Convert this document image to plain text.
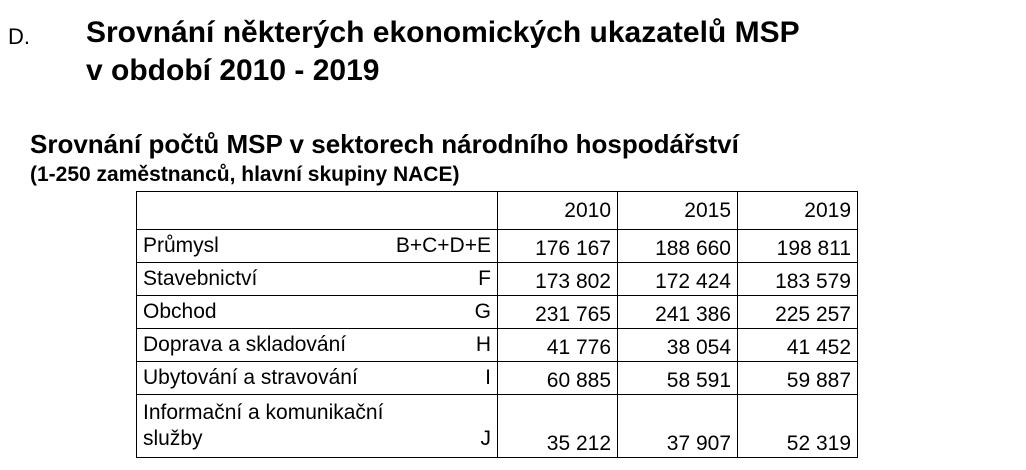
D. Srovnání některých ekonomických ukazatelů MSP
v období 2010 - 2019
Srovnání počtů MSP v sektorech národního hospodářství
(1-250 zaměstnanců, hlavní skupiny NACE)
	2010	2015	2019

Průmysl B+C+D+E	176 167	188 660	198 811

Stavebnictví F	173 802	172 424	183 579

Obchod G	231 765	241 386	225 257

Doprava a skladování H	41 776	38 054	41 452

Ubytování a stravování I	60 885	58 591	59 887

Informační a komunikační
služby J	35 212	37 907	52 319
